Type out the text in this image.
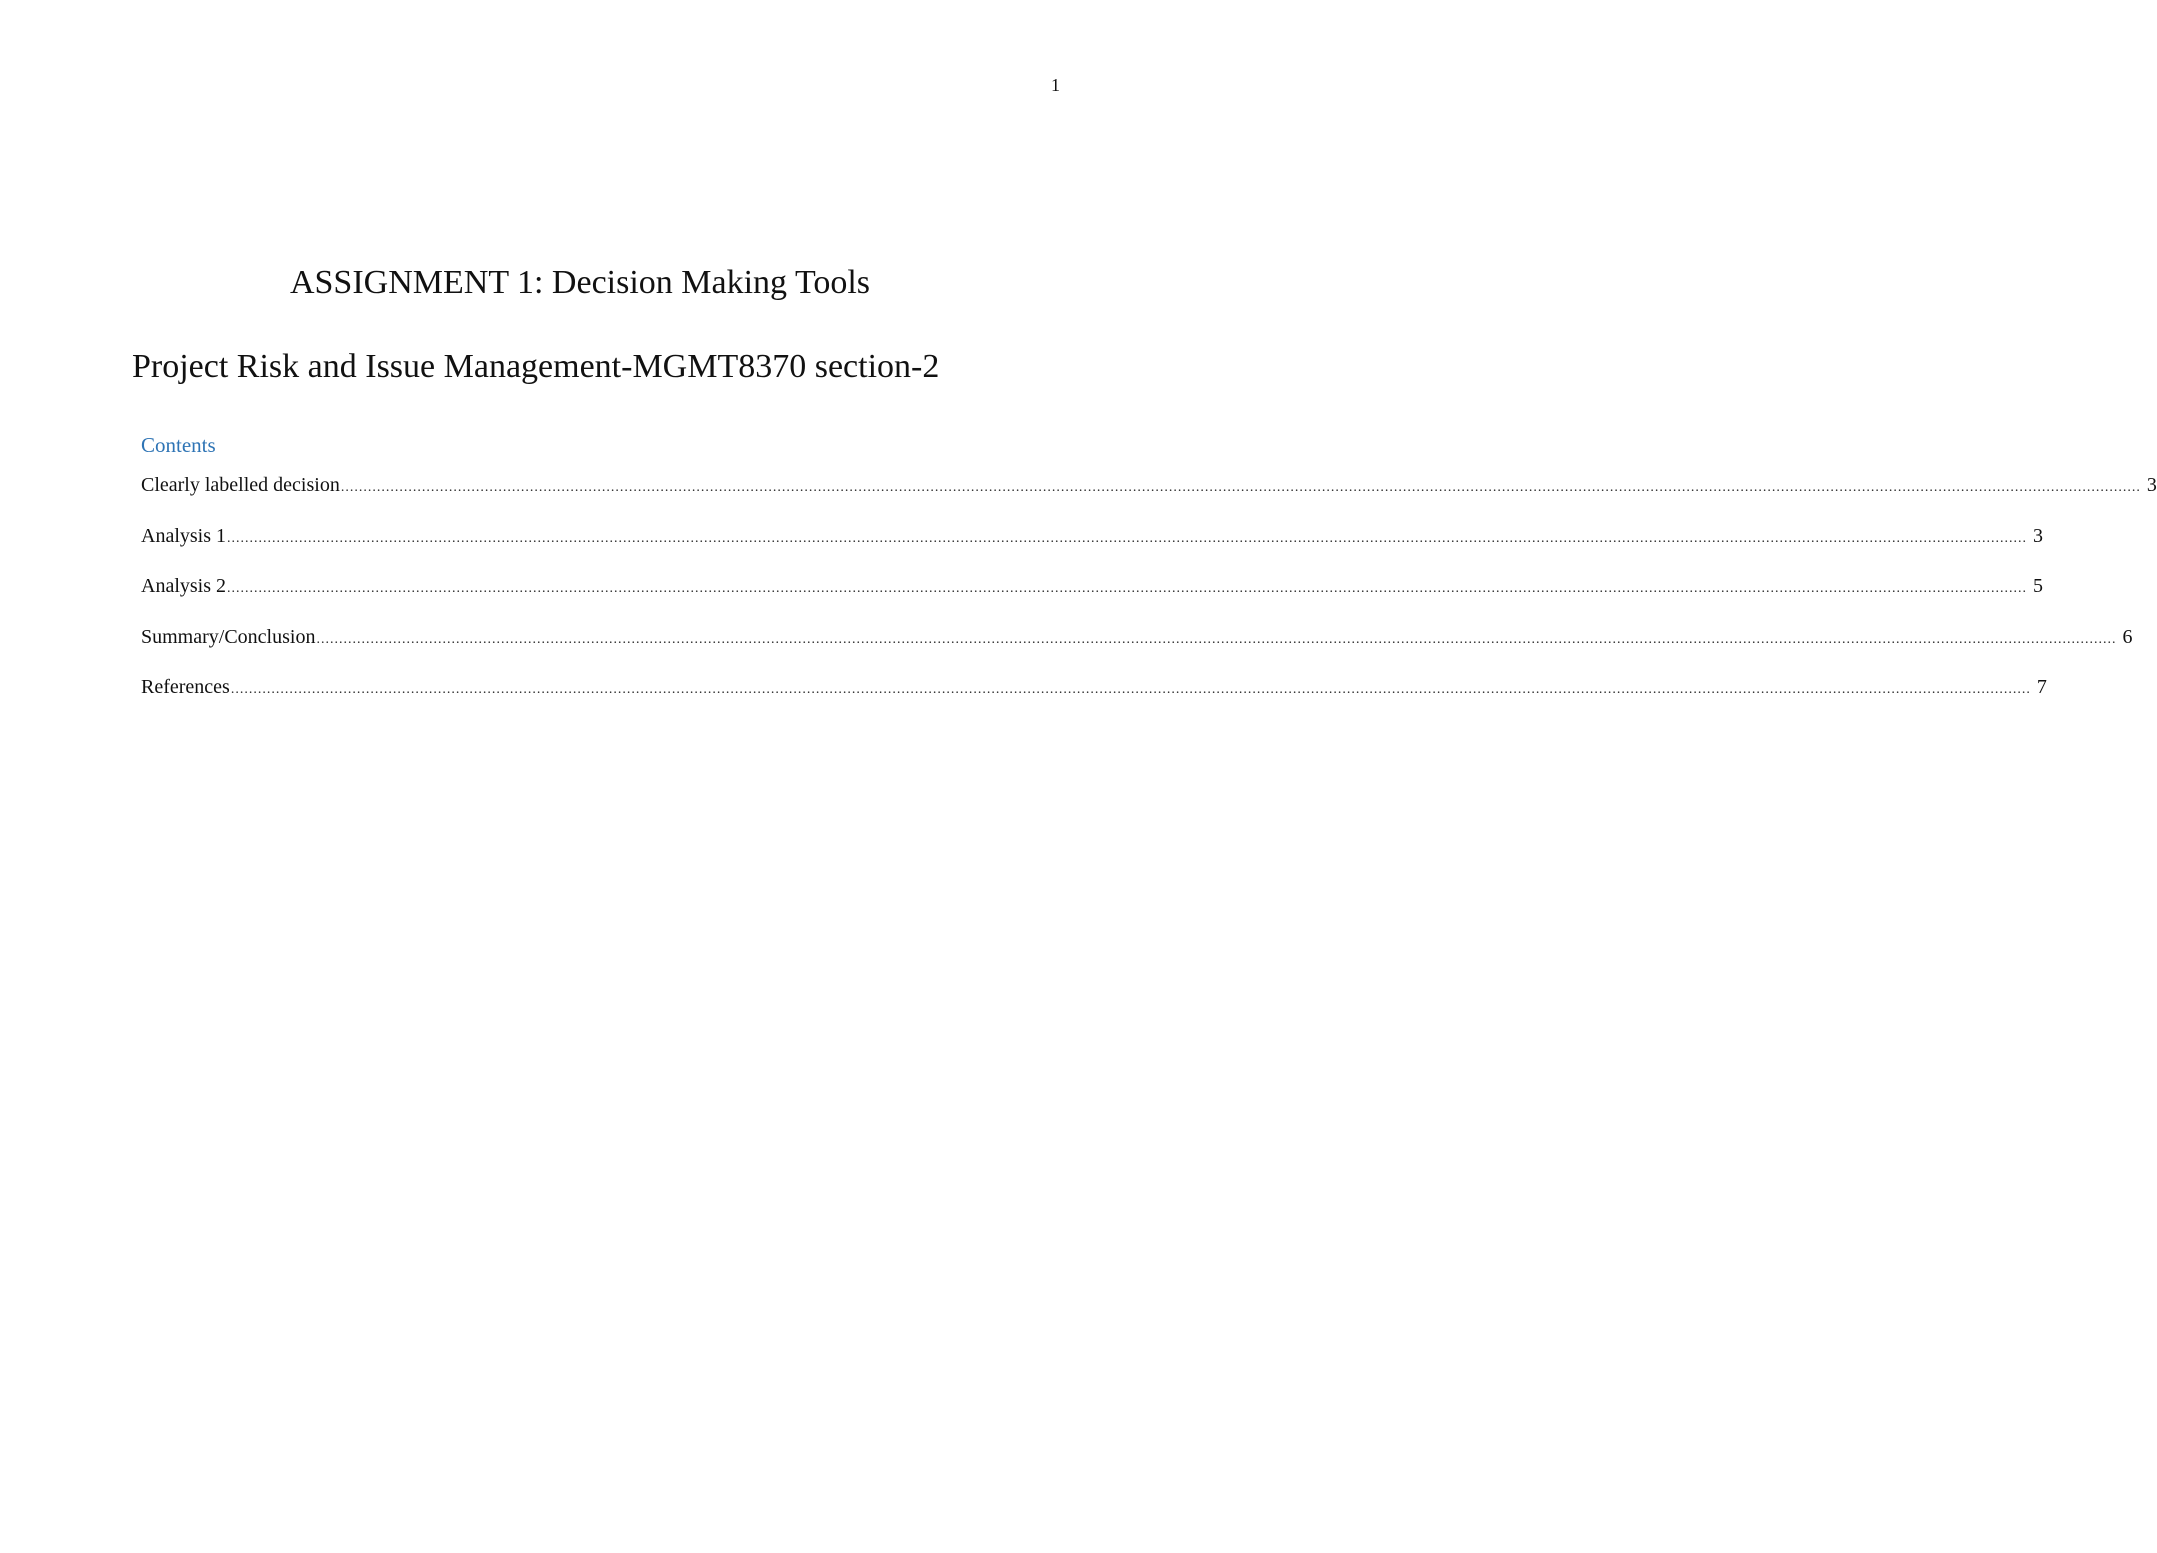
1
ASSIGNMENT 1: Decision Making Tools
Project Risk and Issue Management-MGMT8370 section-2
Contents
Clearly labelled decision ................................................................................................................................................................................................................................................................................................................................................................................................................ 3
Analysis 1 ................................................................................................................................................................................................................................................................................................................................................................................................................ 3
Analysis 2 ................................................................................................................................................................................................................................................................................................................................................................................................................ 5
Summary/Conclusion ................................................................................................................................................................................................................................................................................................................................................................................................................ 6
References ................................................................................................................................................................................................................................................................................................................................................................................................................ 7
